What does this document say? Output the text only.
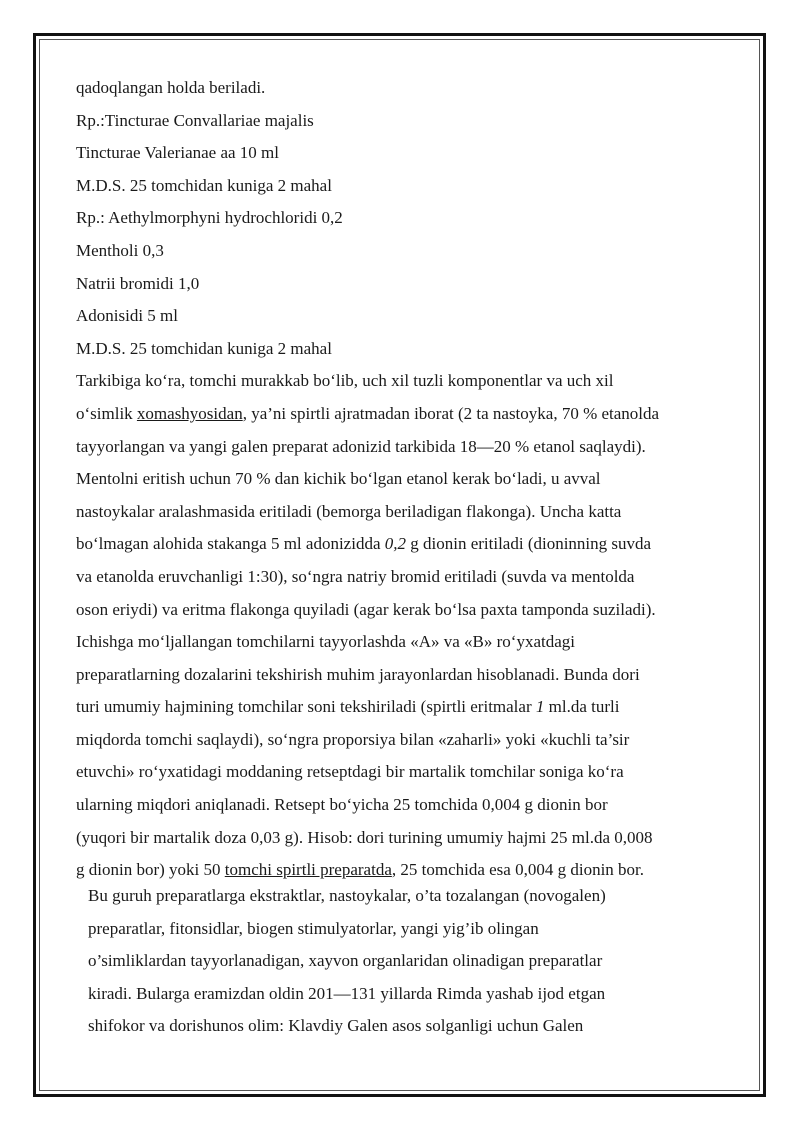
qadoqlangan holda beriladi.
Rp.:Tincturae Convallariae majalis
Tincturae Valerianae aa 10 ml
M.D.S. 25 tomchidan kuniga 2 mahal
Rp.: Aethylmorphyni hydrochloridi 0,2
Mentholi 0,3
Natrii bromidi 1,0
Adonisidi 5 ml
M.D.S. 25 tomchidan kuniga 2 mahal
Tarkibiga koʻra, tomchi murakkab boʻlib, uch xil tuzli komponentlar va uch xil
oʻsimlik xomashyosidan, ya’ni spirtli ajratmadan iborat (2 ta nastoyka, 70 % etanolda
tayyorlangan va yangi galen preparat adonizid tarkibida 18—20 % etanol saqlaydi).
Mentolni eritish uchun 70 % dan kichik boʻlgan etanol kerak boʻladi, u avval
nastoykalar aralashmasida eritiladi (bemorga beriladigan flakonga). Uncha katta
boʻlmagan alohida stakanga 5 ml adonizidda 0,2 g dionin eritiladi (dioninning suvda
va etanolda eruvchanligi 1:30), soʻngra natriy bromid eritiladi (suvda va mentolda
oson eriydi) va eritma flakonga quyiladi (agar kerak boʻlsa paxta tamponda suziladi).
Ichishga moʻljallangan tomchilarni tayyorlashda «A» va «B» roʻyxatdagi
preparatlarning dozalarini tekshirish muhim jarayonlardan hisoblanadi. Bunda dori
turi umumiy hajmining tomchilar soni tekshiriladi (spirtli eritmalar 1 ml.da turli
miqdorda tomchi saqlaydi), soʻngra proporsiya bilan «zaharli» yoki «kuchli ta’sir
etuvchi» roʻyxatidagi moddaning retseptdagi bir martalik tomchilar soniga koʻra
ularning miqdori aniqlanadi. Retsept boʻyicha 25 tomchida 0,004 g dionin bor
(yuqori bir martalik doza 0,03 g). Hisob: dori turining umumiy hajmi 25 ml.da 0,008
g dionin bor) yoki 50 tomchi spirtli preparatda, 25 tomchida esa 0,004 g dionin bor.
Bu guruh preparatlarga ekstraktlar, nastoykalar, o’ta tozalangan (novogalen)
preparatlar, fitonsidlar, biogen stimulyatorlar, yangi yig’ib olingan
o’simliklardan tayyorlanadigan, xayvon organlaridan olinadigan preparatlar
kiradi. Bulargа eramizdan oldin 201—131 yillarda Rimda yashab ijod etgan
shifokor va dorishunos olim: Klavdiy Galen asos solganligi uchun Galen
